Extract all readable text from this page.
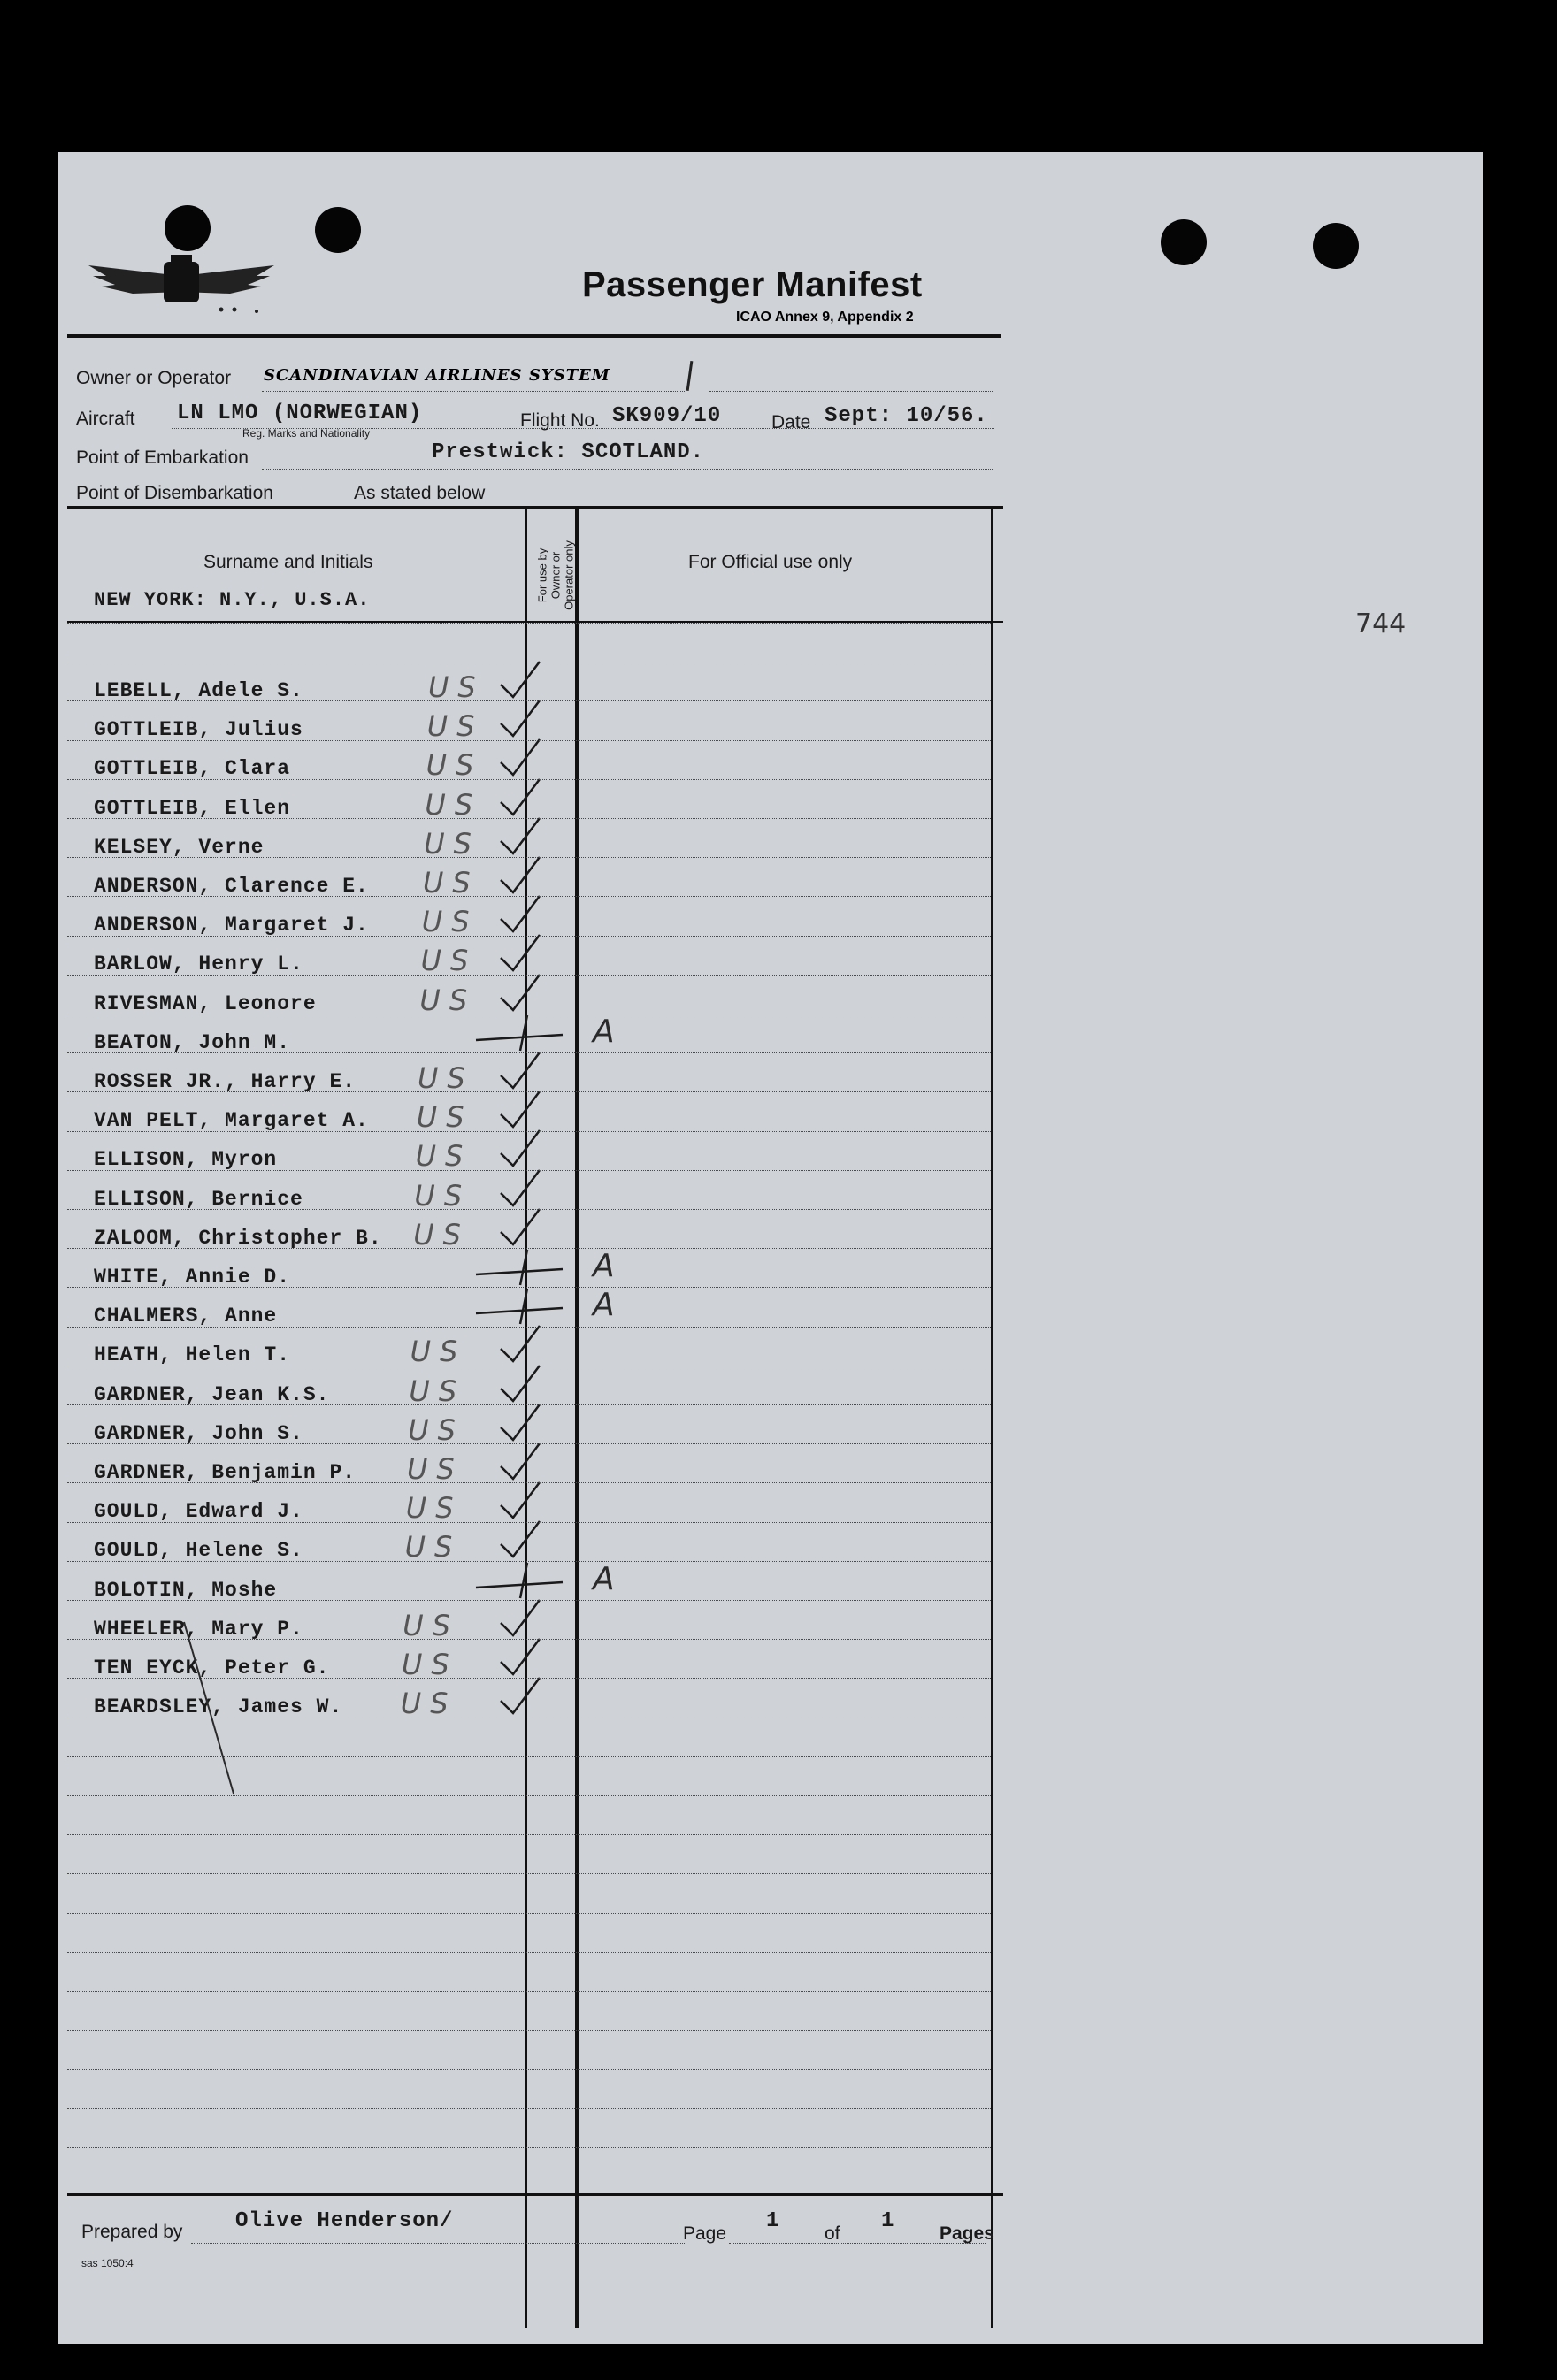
Passenger Manifest
ICAO Annex 9, Appendix 2
Owner or Operator SCANDINAVIAN AIRLINES SYSTEM
Aircraft LN LMO (NORWEGIAN)
Reg. Marks and Nationality
Flight No. SK909/10	Date Sept: 10/56.
Point of Embarkation	Prestwick: SCOTLAND.
Point of Disembarkation	As stated below
Surname and Initials	For use by Owner or Operator only	For Official use only
NEW YORK: N.Y., U.S.A.
LEBELL, Adele S.	US
GOTTLEIB, Julius	US
GOTTLEIB, Clara	US
GOTTLEIB, Ellen	US
KELSEY, Verne	US
ANDERSON, Clarence E. US
ANDERSON, Margaret J. US
BARLOW, Henry L.	US
RIVESMAN, Leonore	US
BEATON, John M.	A
ROSSER JR., Harry E. US
VAN PELT, Margaret A. US
ELLISON, Myron	US
ELLISON, Bernice	US
ZALOOM, Christopher B. US
WHITE, Annie D.	A
CHALMERS, Anne	A
HEATH, Helen T.	US
GARDNER, Jean K.S.	US
GARDNER, John S.	US
GARDNER, Benjamin P. US
GOULD, Edward J.	US
GOULD, Helene S.	US
BOLOTIN, Moshe	A
WHEELER, Mary P.	US
TEN EYCK, Peter G.	US
BEARDSLEY, James W. US
744
Prepared by Olive Henderson/
Page
1
of
1
Pages
sas 1050:4
